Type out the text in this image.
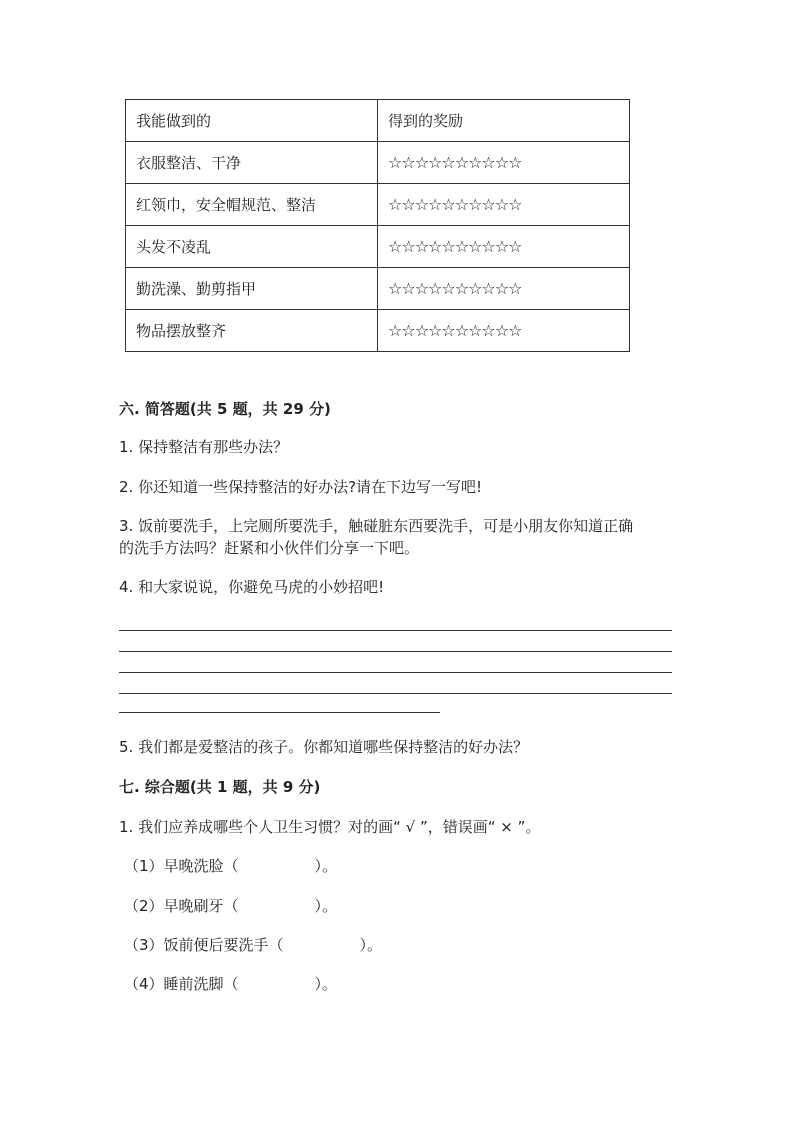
我能做到的	得到的奖励
衣服整洁、干净	☆☆☆☆☆☆☆☆☆☆
红领巾，安全帽规范、整洁	☆☆☆☆☆☆☆☆☆☆
头发不凌乱	☆☆☆☆☆☆☆☆☆☆
勤洗澡、勤剪指甲	☆☆☆☆☆☆☆☆☆☆
物品摆放整齐	☆☆☆☆☆☆☆☆☆☆
六. 简答题(共 5 题，共 29 分)
1. 保持整洁有那些办法？
2. 你还知道一些保持整洁的好办法?请在下边写一写吧!
3. 饭前要洗手，上完厕所要洗手，触碰脏东西要洗手，可是小朋友你知道正确
的洗手方法吗？赶紧和小伙伴们分享一下吧。
4. 和大家说说，你避免马虎的小妙招吧!
5. 我们都是爱整洁的孩子。你都知道哪些保持整洁的好办法？
七. 综合题(共 1 题，共 9 分)
1. 我们应养成哪些个人卫生习惯？对的画“ √ ”，错误画“ × ”。
（1）早晚洗脸（	）。
（2）早晚刷牙（	）。
（3）饭前便后要洗手（	）。
（4）睡前洗脚（	）。
